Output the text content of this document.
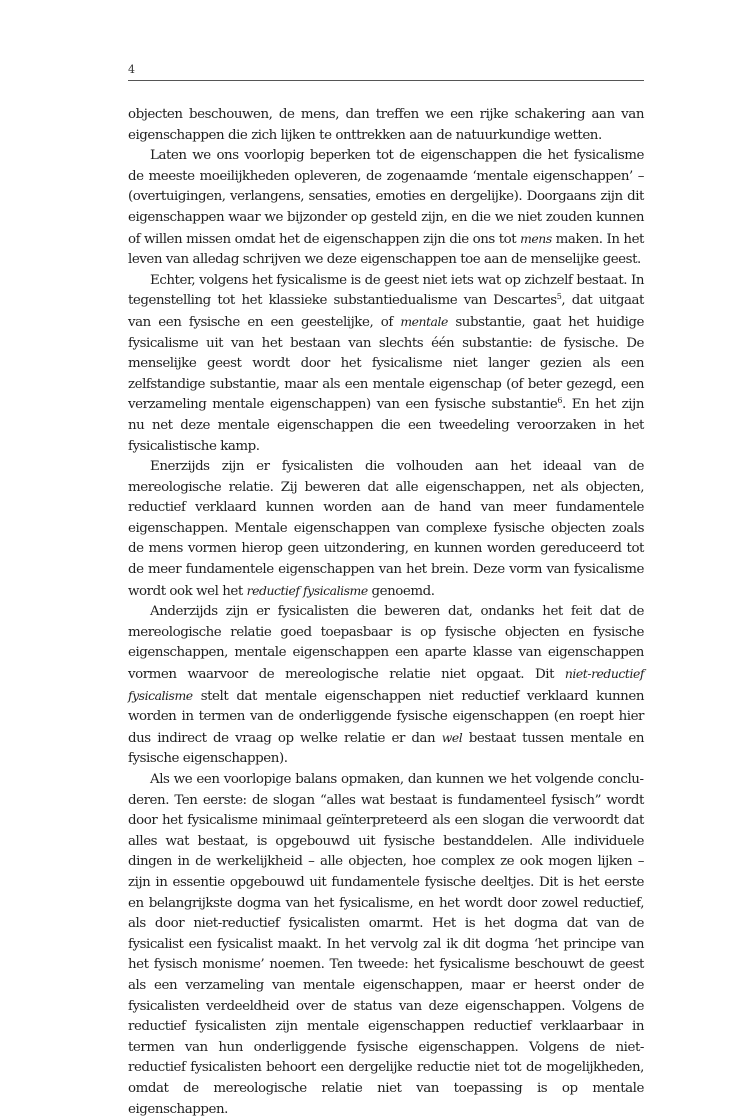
4

objecten beschouwen, de mens, dan treffen we een rijke schakering aan van eigenschappen die zich lijken te onttrekken aan de natuurkundige wetten.

Laten we ons voorlopig beperken tot de eigenschappen die het fysicalisme de meeste moeilijkheden opleveren, de zogenaamde ‘mentale eigenschappen’ – (overtuigingen, verlangens, sensaties, emoties en dergelijke). Doorgaans zijn dit eigenschappen waar we bijzonder op gesteld zijn, en die we niet zouden kunnen of willen missen omdat het de eigenschappen zijn die ons tot mens maken. In het leven van alledag schrijven we deze eigenschappen toe aan de menselijke geest.

Echter, volgens het fysicalisme is de geest niet iets wat op zichzelf bestaat. In tegenstelling tot het klassieke substantiedualisme van Descartes$^5$, dat uitgaat van een fysische en een geestelijke, of mentale substantie, gaat het huidige fysicalisme uit van het bestaan van slechts één substantie: de fysische. De menselijke geest wordt door het fysicalisme niet langer gezien als een zelfstandige substantie, maar als een mentale eigenschap (of beter gezegd, een verzameling mentale eigenschappen) van een fysische substantie$^6$. En het zijn nu net deze mentale eigenschappen die een tweedeling veroorzaken in het fysicalistische kamp.

Enerzijds zijn er fysicalisten die volhouden aan het ideaal van de mereologische relatie. Zij beweren dat alle eigenschappen, net als objecten, reductief verklaard kunnen worden aan de hand van meer fundamentele eigenschappen. Mentale eigenschappen van complexe fysische objecten zoals de mens vormen hierop geen uitzondering, en kunnen worden gereduceerd tot de meer fundamentele eigenschappen van het brein. Deze vorm van fysicalisme wordt ook wel het reductief fysicalisme genoemd.

Anderzijds zijn er fysicalisten die beweren dat, ondanks het feit dat de mereologische relatie goed toepasbaar is op fysische objecten en fysische eigenschappen, mentale eigenschappen een aparte klasse van eigenschappen vormen waarvoor de mereologische relatie niet opgaat. Dit niet-reductief fysicalisme stelt dat mentale eigenschappen niet reductief verklaard kunnen worden in termen van de onderliggende fysische eigenschappen (en roept hier dus indirect de vraag op welke relatie er dan wel bestaat tussen mentale en fysische eigenschappen).

Als we een voorlopige balans opmaken, dan kunnen we het volgende concluderen. Ten eerste: de slogan “alles wat bestaat is fundamenteel fysisch” wordt door het fysicalisme minimaal geïnterpreteerd als een slogan die verwoordt dat alles wat bestaat, is opgebouwd uit fysische bestanddelen. Alle individuele dingen in de werkelijkheid – alle objecten, hoe complex ze ook mogen lijken – zijn in essentie opgebouwd uit fundamentele fysische deeltjes. Dit is het eerste en belangrijkste dogma van het fysicalisme, en het wordt door zowel reductief, als door niet-reductief fysicalisten omarmt. Het is het dogma dat van de fysicalist een fysicalist maakt. In het vervolg zal ik dit dogma ‘het principe van het fysisch monisme’ noemen. Ten tweede: het fysicalisme beschouwt de geest als een verzameling van mentale eigenschappen, maar er heerst onder de fysicalisten verdeeldheid over de status van deze eigenschappen. Volgens de reductief fysicalisten zijn mentale eigenschappen reductief verklaarbaar in termen van hun onderliggende fysische eigenschappen. Volgens de niet-reductief fysicalisten behoort een dergelijke reductie niet tot de mogelijkheden, omdat de mereologische relatie niet van toepassing is op mentale eigenschappen.
